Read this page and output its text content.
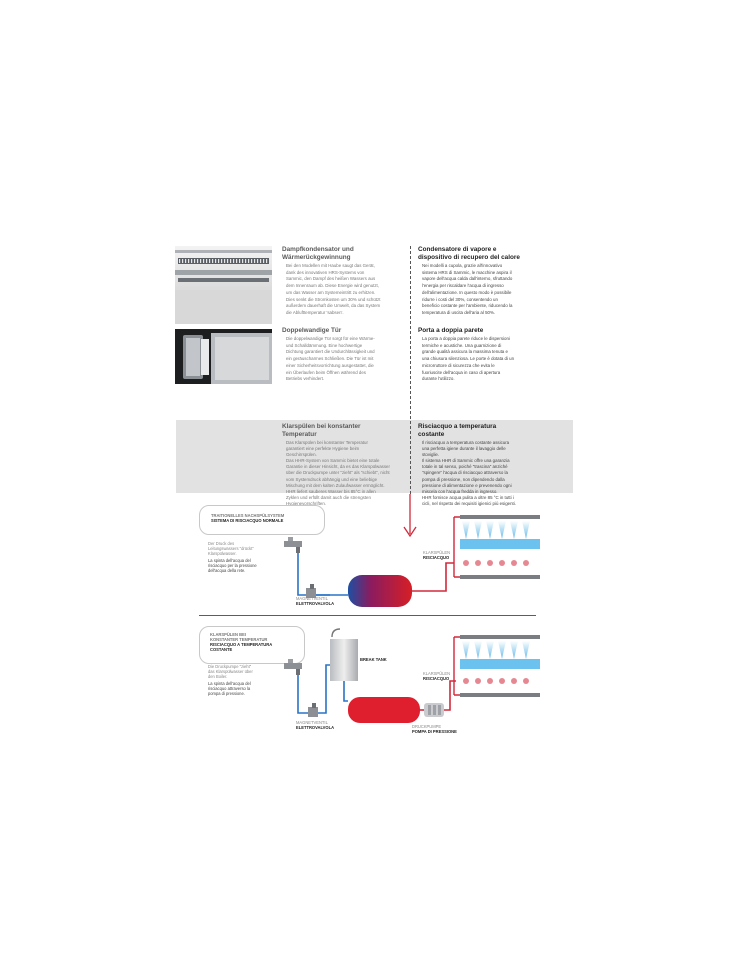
Dampfkondensator und
Wärmerückgewinnung
Bei den Modellen mit Haube saugt das Gerät,
dank des innovativen HRS-Systems von
Sammic, den Dampf des heißen Wassers aus
dem Innenraum ab. Diese Energie wird genutzt,
um das Wasser am Systemeintritt zu erhitzen.
Dies senkt die Stromkosten um 30% und schützt
außerdem dauerhaft die Umwelt, da das System
die Ablufttemperatur 'sabsen'.
Doppelwandige Tür
Die doppelwandige Tür sorgt für eine Wärme-
und Schalldämmung. Eine hochwertige
Dichtung garantiert die Undurchlässigkeit und
ein geräuscharmes Schließen. Die Tür ist mit
einer Sicherheitsvorrichtung ausgestattet, die
ein Überlaufen beim Öffnen während des
Betriebs verhindert.
Klarspülen bei konstanter
Temperatur
Das Klarspülen bei konstanter Temperatur
garantiert eine perfekte Hygiene beim
Geschirrspülen.
Das HHR-System von Sammic bietet eine totale
Garantie in dieser Hinsicht, da es das Klarspülwasser
über die Druckpumpe unter "zieht" als "schiebt", nicht
vom Systemdruck abhängig und eine beliebige
Mischung mit dem kalten Zulaufwasser ermöglicht.
HHR liefert sauberes Wasser bis 85°C in allen
Zyklen und erfüllt damit auch die strengsten
Hygienevorschriften.
Condensatore di vapore e
dispositivo di recupero del calore
Nei modelli a cupola, grazie all'innovativo
sistema HRS di Sammic, le macchine aspira il
vapore dell'acqua calda dall'interno, sfruttando
l'energia per riscaldare l'acqua di ingresso
dell'alimentazione. In questo modo è possibile
ridurre i costi del 30%, consentendo un
beneficio costante per l'ambiente, riducendo la
temperatura di uscita dell'aria al 50%.
Porta a doppia parete
La porta a doppia parete riduce le dispersioni
termiche e acustiche. Una guarnizione di
grande qualità assicura la massima tenuta e
una chiusura silenziosa. Le porte è dotata di un
microrruttore di sicurezza che evita le
fuoriuscite dell'acqua in caso di apertura
durante l'utilizzo.
Risciacquo a temperatura
costante
Il risciacquo a temperatura costante assicura
una perfetta igiene durante il lavaggio delle
stoviglie.
Il sistema HHR di Sammic offre una garanzia
totale in tal senso, poiché "trascina" anziché
"spingere" l'acqua di risciacquo attraverso la
pompa di pressione, non dipendendo dalla
pressione di alimentazione e prevenendo ogni
miscela con l'acqua fredda in ingresso.
HHR fornisce acqua pulita a oltre 85 °C in tutti i
cicli, nel rispetto dei requisiti igienici più esigenti.
TRAITIONELLES NACHSPÜLSYSTEM
SISTEMA DI RISCIACQUO NORMALE
Der Druck des
Leitungswassers "drückt"
Klarspülwasser.
La spinta dell'acqua del
risciacquo per la pressione
dell'acqua della rete.
MAGNETVENTIL
ELETTROVALVOLA
KLARSPÜLEN
RISCIACQUO
KLARSPÜLEN BEI
KONSTANTER TEMPERATUR
RISCIACQUO A TEMPERATURA
COSTANTE
Die Druckpumpe "zieht"
das Klarspülwasser über
den Boiler.
La spinta dell'acqua del
risciacquo attraverso la
pompa di pressione.
BREAK TANK
KLARSPÜLEN
RISCIACQUO
MAGNETVENTIL
ELETTROVALVOLA	DRUCKPUMPE
POMPA DI PRESSIONE
